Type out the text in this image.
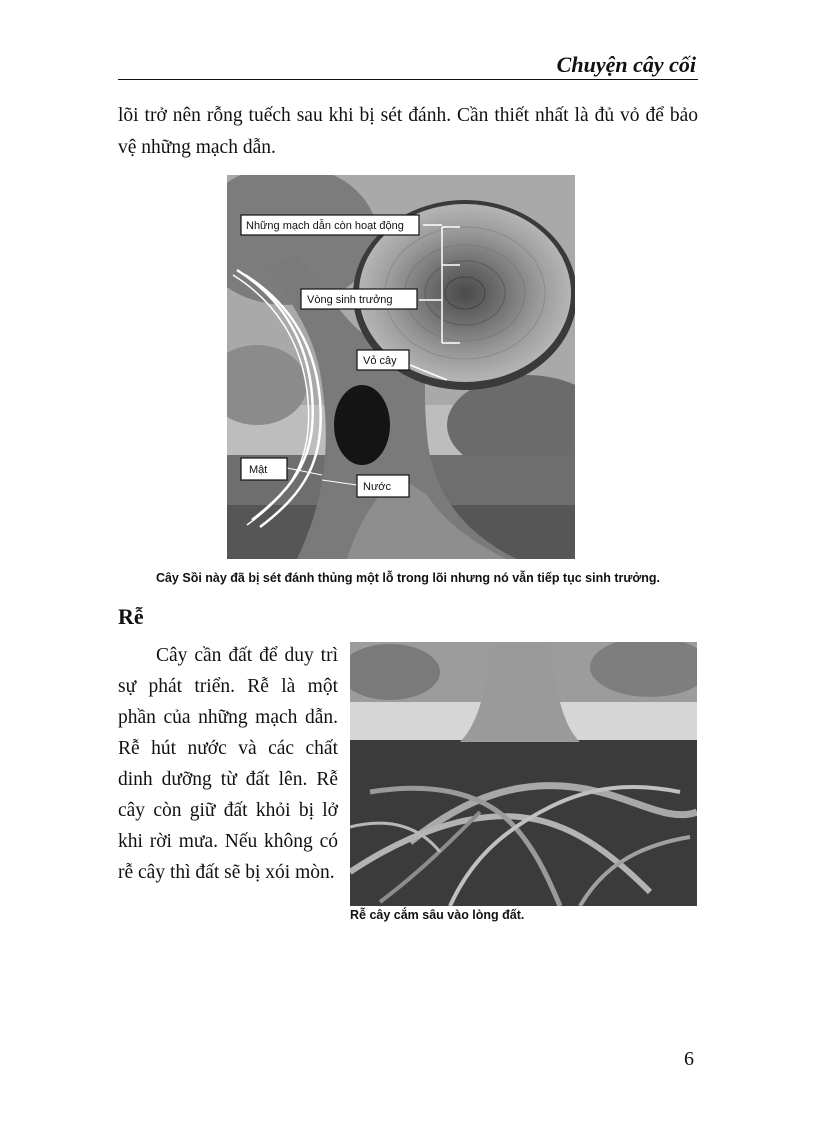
Chuyện cây cối

lõi trở nên rỗng tuếch sau khi bị sét đánh. Cần thiết nhất là đủ vỏ để bảo vệ những mạch dẫn.

Những mạch dẫn còn hoạt động
Vòng sinh trưởng
Vỏ cây
Mật
Nước
Cây Sồi này đã bị sét đánh thủng một lỗ trong lõi nhưng nó vẫn tiếp tục sinh trưởng.
Rễ

Cây cần đất để duy trì sự phát triển. Rễ là một phần của những mạch dẫn. Rễ hút nước và các chất dinh dưỡng từ đất lên. Rễ cây còn giữ đất khỏi bị lở khi rời mưa. Nếu không có rễ cây thì đất sẽ bị xói mòn.

Rễ cây cắm sâu vào lòng đất.
6
